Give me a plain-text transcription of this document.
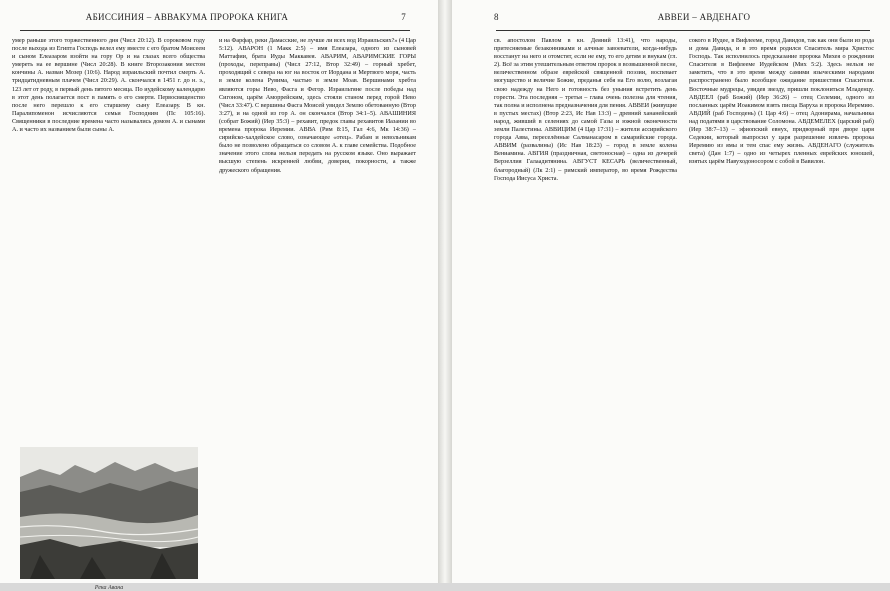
АБИССИНИЯ – АВВАКУМА ПРОРОКА КНИГА	7

умер раньше этого торжественного дня (Числ 20:12). В сороковом году после выхода из Египта Господь велел ему вместе с его братом Моисеем и сыном Елеазаром взойти на гору Ор и на глазах всего общества умереть на ее вершине (Числ 20:28). В книге Второзакония местом кончины А. назван Мозер (10:6). Народ израильский почтил смерть А. тридцатидневным плачем (Числ 20:29). А. скончался в 1451 г. до н. э., 123 лет от роду, в первый день пятого месяца. По иудейскому календарю в этот день полагается пост в память о его смерти. Первосвященство после него перешло к его старшему сыну Елеазару. В кн. Паралипоменон исчисляются семьи Господним (Пс 105:16). Священники в последние времена часто назывались домом А. и сынами А. и часто их названием были сыны А.

и на Фарфар, реки Дамасские, не лучше ли всех вод Израильских?» (4 Цар 5:12). АВАРОН (1 Макк 2:5) – имя Елеазара, одного из сыновей Маттафии, брата Иуды Маккавея. АВАРИМ, АВАРИМСКИЕ ГОРЫ (проходы, переправы) (Числ 27:12, Втор 32:49) – горный хребет, проходящий с севера на юг на восток от Иордана и Мертвого моря, часть в земле колена Рувима, частью в земле Моав. Вершинами хребта являются горы Нево, Фасга и Фегор. Израильтяне после победы над Сигоном, царём Аморрейским, здесь стояли станом перед горой Нево (Числ 33:47). С вершины Фасга Моисей увидел Землю обетованную (Втор 3:27), и на одной из гор А. он скончался (Втор 34:1–5). АВАШИНИЯ (собрат Божий) (Иер 35:3) – рехавит, предок главы рехавитов Иазании во времена пророка Иеремии. АВВА (Рим 8:15, Гал 4:6, Мк 14:36) – сирийско-халдейское слово, означающее «отец». Рабам и невольникам было не позволено обращаться со словом А. к главе семейства. Подобное значение этого слова нельзя передать на русском языке. Оно выражает высшую степень искренней любви, доверия, покорности, а также дружеского обращения.

Река Авана
8	АВВЕИ – АВДЕНАГО

св. апостолом Павлом в кн. Деяний 13:41), что народы, притесняемые безаконниками и алчные завоеватели, когда-нибудь восстанут на него и отомстят, если не ему, то его детям и внукам (гл. 2). Всё за этим утешительным ответом пророк в возвышенной песне, величественном образе еврейской священной поэзии, воспевает могущество и величие Божие, преданья себя на Его волю, возлагая свою надежду на Него и готовность без уныния встретить день горести. Эта последняя – третья – глава очень полезна для чтения, так полна и исполнена предназначения для пения. АВВЕИ (живущие в пустых местах) (Втор 2:23, Ис Нав 13:3) – древний хананейский народ, живший в селениях до самой Газы и южной оконечности земли Палестины. АВВИЦИМ (4 Цар 17:31) – жители ассирийского города Авва, переселённые Салманасаром в самарийские города. АВВИМ (развалины) (Ис Нав 18:23) – город в земле колена Вениамина. АВГИЯ (праздничная, светоносная) – одна из дочерей Верзеллия Галаадитянина. АВГУСТ КЕСАРЬ (величественный, благородный) (Лк 2:1) – римский император, во время Рождества Господа Иисуса Христа.

сокого в Иудее, в Вифлееме, город Давидов, так как они были из рода и дома Давида, и в это время родился Спаситель мира Христос Господь. Так исполнилось предсказание пророка Михея о рождении Спасителя в Вифлееме Иудейском (Мих 5:2). Здесь нельзя не заметить, что в это время между самими языческими народами распространено было всеобщее ожидание пришествия Спасителя. Восточные мудрецы, увидев звезду, пришли поклониться Младенцу. АВДЕЕЛ (раб Божий) (Иер 36:26) – отец Селемии, одного из посланных царём Иоакимом взять писца Варуха и пророка Иеремию. АВДИЙ (раб Господень) (1 Цар 4:6) – отец Адонирама, начальника над податями в царствование Соломона. АВДЕМЕЛЕХ (царский раб) (Иер 38:7–13) – эфиопский евнух, придворный при дворе царя Седекии, который выпросил у царя разрешение извлечь пророка Иеремию из ямы и тем спас ему жизнь. АВДЕНАГО (служитель света) (Дан 1:7) – одно из четырех пленных еврейских юношей, взятых царём Навуходоносором с собой в Вавилон.
